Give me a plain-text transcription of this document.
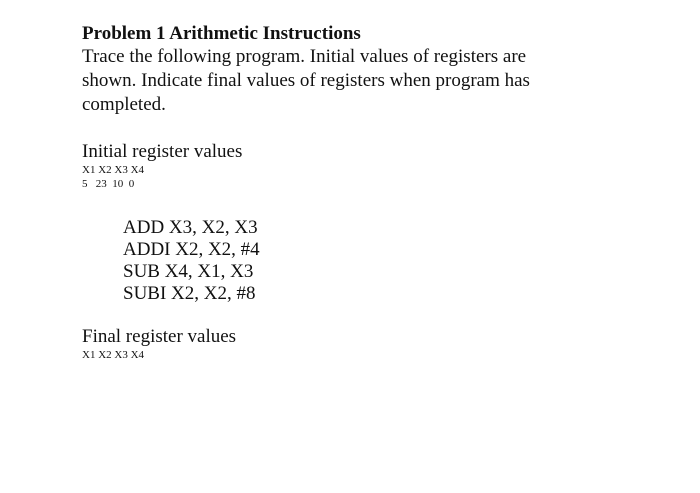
Problem 1 Arithmetic Instructions

Trace the following program. Initial values of registers are shown. Indicate final values of registers when program has completed.

Initial register values

X1 X2 X3 X4

5   23  10  0

ADD X3, X2, X3

ADDI X2, X2, #4

SUB X4, X1, X3

SUBI X2, X2, #8

Final register values

X1 X2 X3 X4
